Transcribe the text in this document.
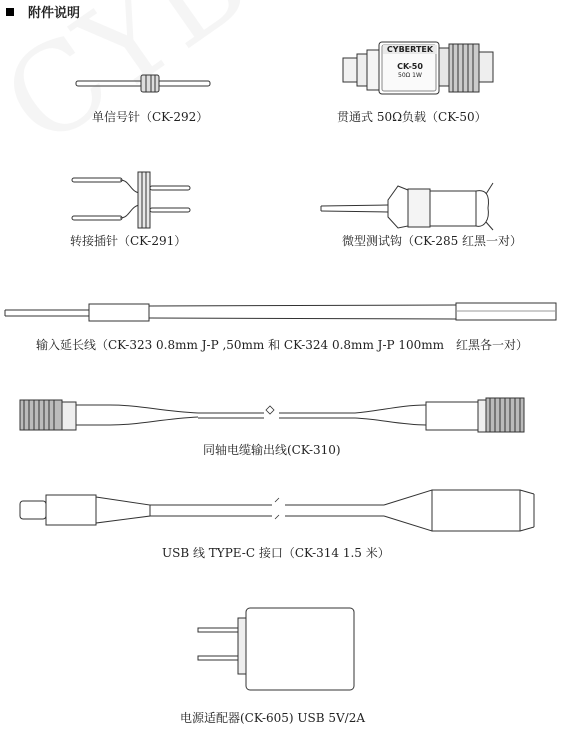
附件说明
CYBERTEK
CK-50
50Ω 1W
单信号针（CK-292）	贯通式 50Ω负载（CK-50）
转接插针（CK-291）	微型测试钩（CK-285 红黑一对）
输入延长线（CK-323 0.8mm J-P ,50mm 和 CK-324 0.8mm J-P 100mm　红黑各一对）
同轴电缆输出线(CK-310)
USB 线 TYPE-C 接口（CK-314 1.5 米）
电源适配器(CK-605) USB 5V/2A
